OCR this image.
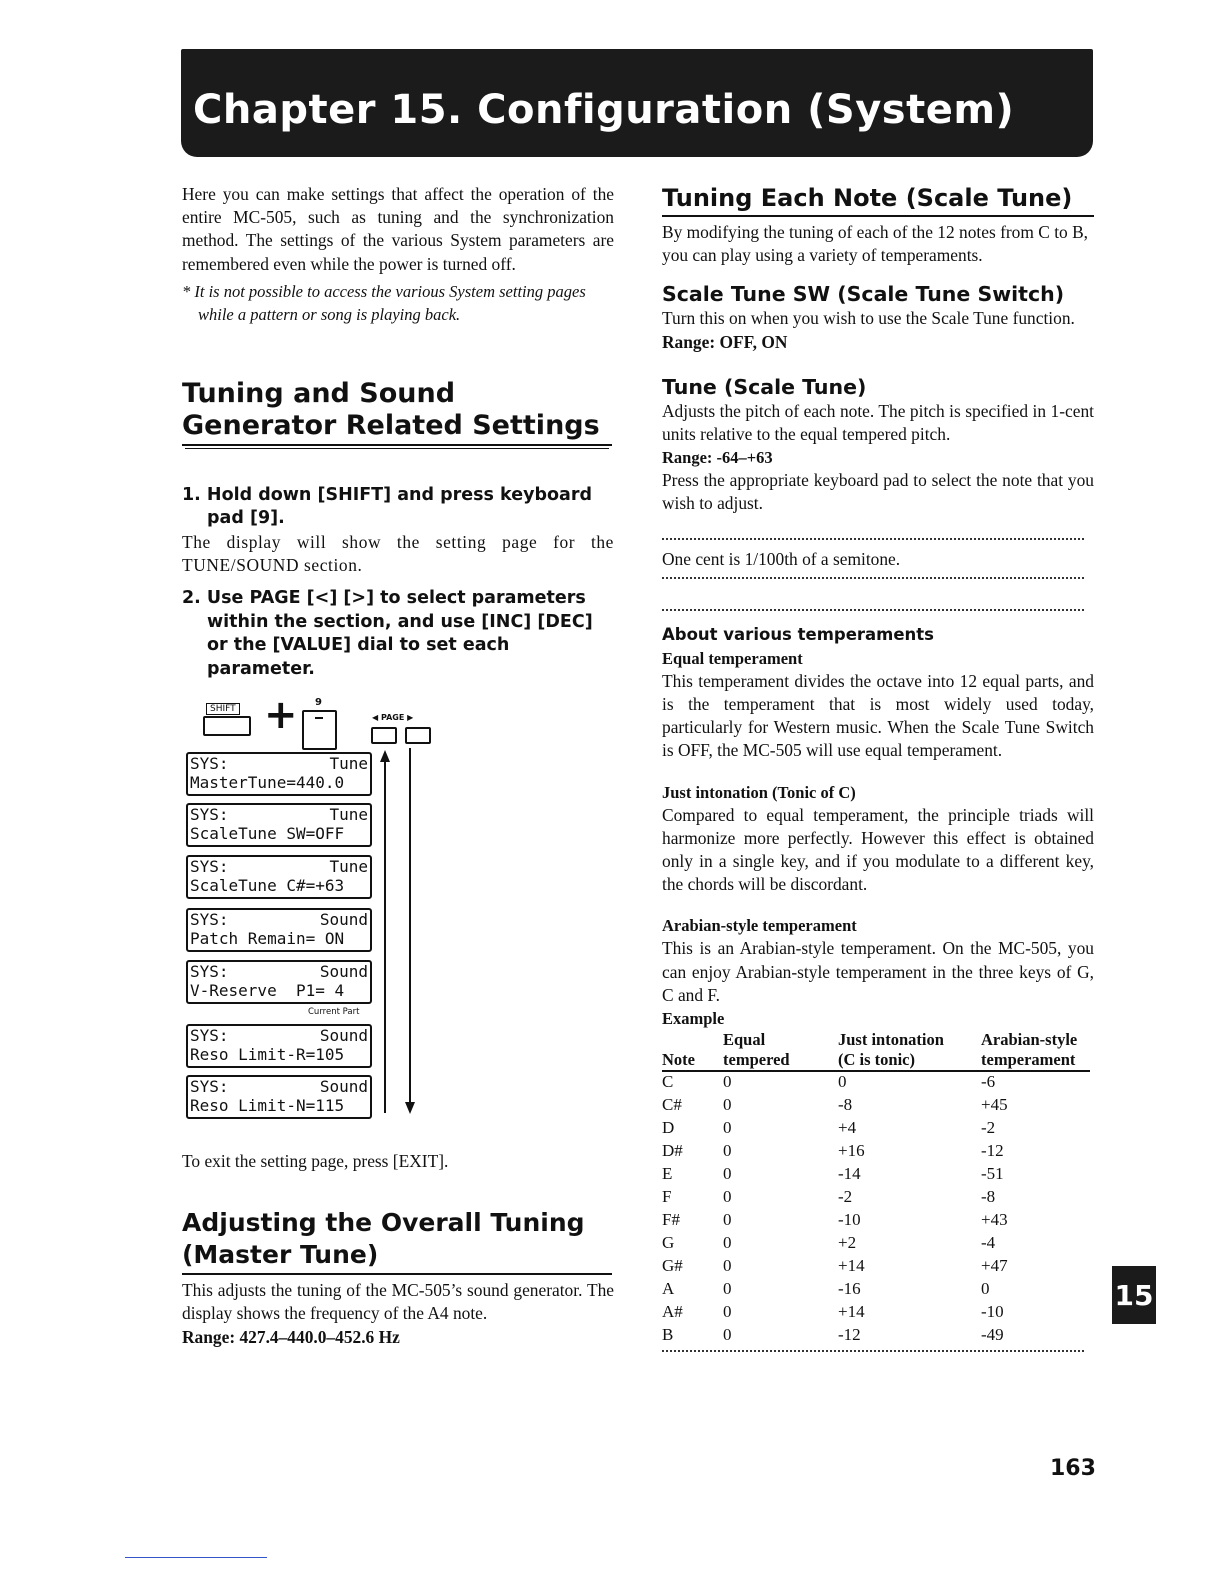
Chapter 15. Configuration (System)

Here you can make settings that affect the operation of the entire MC-505, such as tuning and the synchronization method. The settings of the various System parameters are remembered even while the power is turned off.

* It is not possible to access the various System setting pages while a pattern or song is playing back.

Tuning and Sound Generator Related Settings
1. Hold down [SHIFT] and press keyboard pad [9].

The display will show the setting page for the TUNE/SOUND section.

2. Use PAGE [<] [>] to select parameters within the section, and use [INC] [DEC] or the [VALUE] dial to set each parameter.
SHIFT + 9
◀ PAGE ▶
SYS:	Tune
MasterTune=440.0
SYS:	Tune
ScaleTune SW=OFF
SYS:	Tune
ScaleTune C#=+63
SYS:	Sound
Patch Remain= ON
SYS:	Sound
V-Reserve  P1= 4
Current Part
SYS:	Sound
Reso Limit-R=105
SYS:	Sound
Reso Limit-N=115

To exit the setting page, press [EXIT].

Adjusting the Overall Tuning (Master Tune)

This adjusts the tuning of the MC-505’s sound generator. The display shows the frequency of the A4 note.

Range: 427.4–440.0–452.6 Hz

Tuning Each Note (Scale Tune)

By modifying the tuning of each of the 12 notes from C to B, you can play using a variety of temperaments.

Scale Tune SW (Scale Tune Switch)

Turn this on when you wish to use the Scale Tune function.

Range: OFF, ON

Tune (Scale Tune)

Adjusts the pitch of each note. The pitch is specified in 1-cent units relative to the equal tempered pitch.

Range: -64–+63

Press the appropriate keyboard pad to select the note that you wish to adjust.

One cent is 1/100th of a semitone.

About various temperaments

Equal temperament

This temperament divides the octave into 12 equal parts, and is the temperament that is most widely used today, particularly for Western music. When the Scale Tune Switch is OFF, the MC-505 will use equal temperament.

Just intonation (Tonic of C)

Compared to equal temperament, the principle triads will harmonize more perfectly. However this effect is obtained only in a single key, and if you modulate to a different key, the chords will be discordant.

Arabian-style temperament

This is an Arabian-style temperament. On the MC-505, you can enjoy Arabian-style temperament in the three keys of G, C and F.

Example

	Equal	Just intonation	Arabian-style
Note	tempered	(C is tonic)	temperament
C	0	0	-6
C#	0	-8	+45
D	0	+4	-2
D#	0	+16	-12
E	0	-14	-51
F	0	-2	-8
F#	0	-10	+43
G	0	+2	-4
G#	0	+14	+47
A	0	-16	0
A#	0	+14	-10
B	0	-12	-49
15
163
